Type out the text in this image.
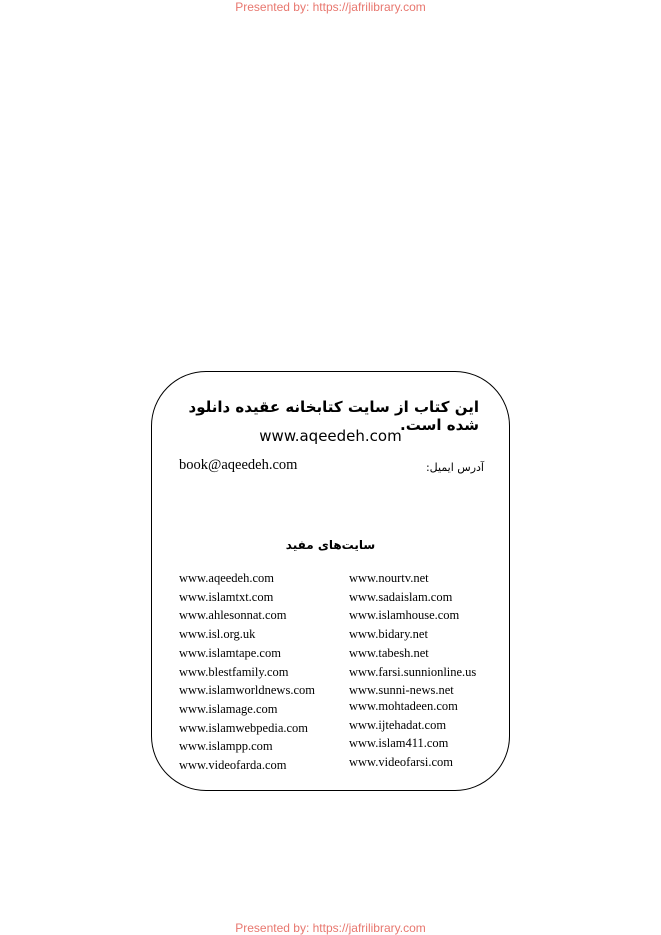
Presented by: https://jafrilibrary.com
این کتاب از سایت کتابخانه عقیده دانلود شده است.
www.aqeedeh.com
book@aqeedeh.com	آدرس ایمیل:
سایت‌های مفید
www.aqeedeh.com
www.islamtxt.com
www.ahlesonnat.com
www.isl.org.uk
www.islamtape.com
www.blestfamily.com
www.islamworldnews.com
www.islamage.com
www.islamwebpedia.com
www.islampp.com
www.videofarda.com
www.nourtv.net
www.sadaislam.com
www.islamhouse.com
www.bidary.net
www.tabesh.net
www.farsi.sunnionline.us
www.sunni-news.net
www.mohtadeen.com
www.ijtehadat.com
www.islam411.com
www.videofarsi.com
Presented by: https://jafrilibrary.com
